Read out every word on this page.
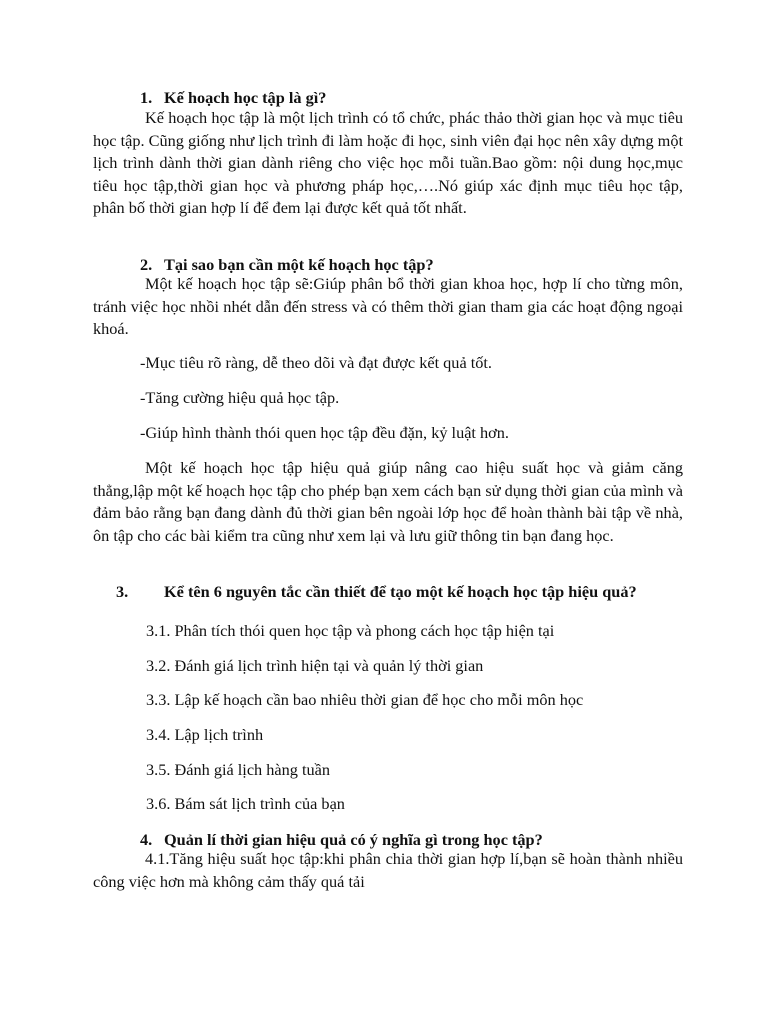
1. Kế hoạch học tập là gì?
Kế hoạch học tập là một lịch trình có tổ chức, phác thảo thời gian học và mục tiêu học tập. Cũng giống như lịch trình đi làm hoặc đi học, sinh viên đại học nên xây dựng một lịch trình dành thời gian dành riêng cho việc học mỗi tuần.Bao gồm: nội dung học,mục tiêu học tập,thời gian học và phương pháp học,….Nó giúp xác định mục tiêu học tập, phân bố thời gian hợp lí để đem lại được kết quả tốt nhất.
2. Tại sao bạn cần một kế hoạch học tập?
Một kế hoạch học tập sẽ:Giúp phân bổ thời gian khoa học, hợp lí cho từng môn, tránh việc học nhồi nhét dẫn đến stress và có thêm thời gian tham gia các hoạt động ngoại khoá.
-Mục tiêu rõ ràng, dễ theo dõi và đạt được kết quả tốt.
-Tăng cường hiệu quả học tập.
-Giúp hình thành thói quen học tập đều đặn, kỷ luật hơn.
Một kế hoạch học tập hiệu quả giúp nâng cao hiệu suất học và giảm căng thẳng,lập một kế hoạch học tập cho phép bạn xem cách bạn sử dụng thời gian của mình và đảm bảo rằng bạn đang dành đủ thời gian bên ngoài lớp học để hoàn thành bài tập về nhà, ôn tập cho các bài kiểm tra cũng như xem lại và lưu giữ thông tin bạn đang học.
3. Kể tên 6 nguyên tắc cần thiết để tạo một kế hoạch học tập hiệu quả?
3.1. Phân tích thói quen học tập và phong cách học tập hiện tại
3.2. Đánh giá lịch trình hiện tại và quản lý thời gian
3.3. Lập kế hoạch cần bao nhiêu thời gian để học cho mỗi môn học
3.4. Lập lịch trình
3.5. Đánh giá lịch hàng tuần
3.6. Bám sát lịch trình của bạn
4. Quản lí thời gian hiệu quả có ý nghĩa gì trong học tập?
4.1.Tăng hiệu suất học tập:khi phân chia thời gian hợp lí,bạn sẽ hoàn thành nhiều công việc hơn mà không cảm thấy quá tải
